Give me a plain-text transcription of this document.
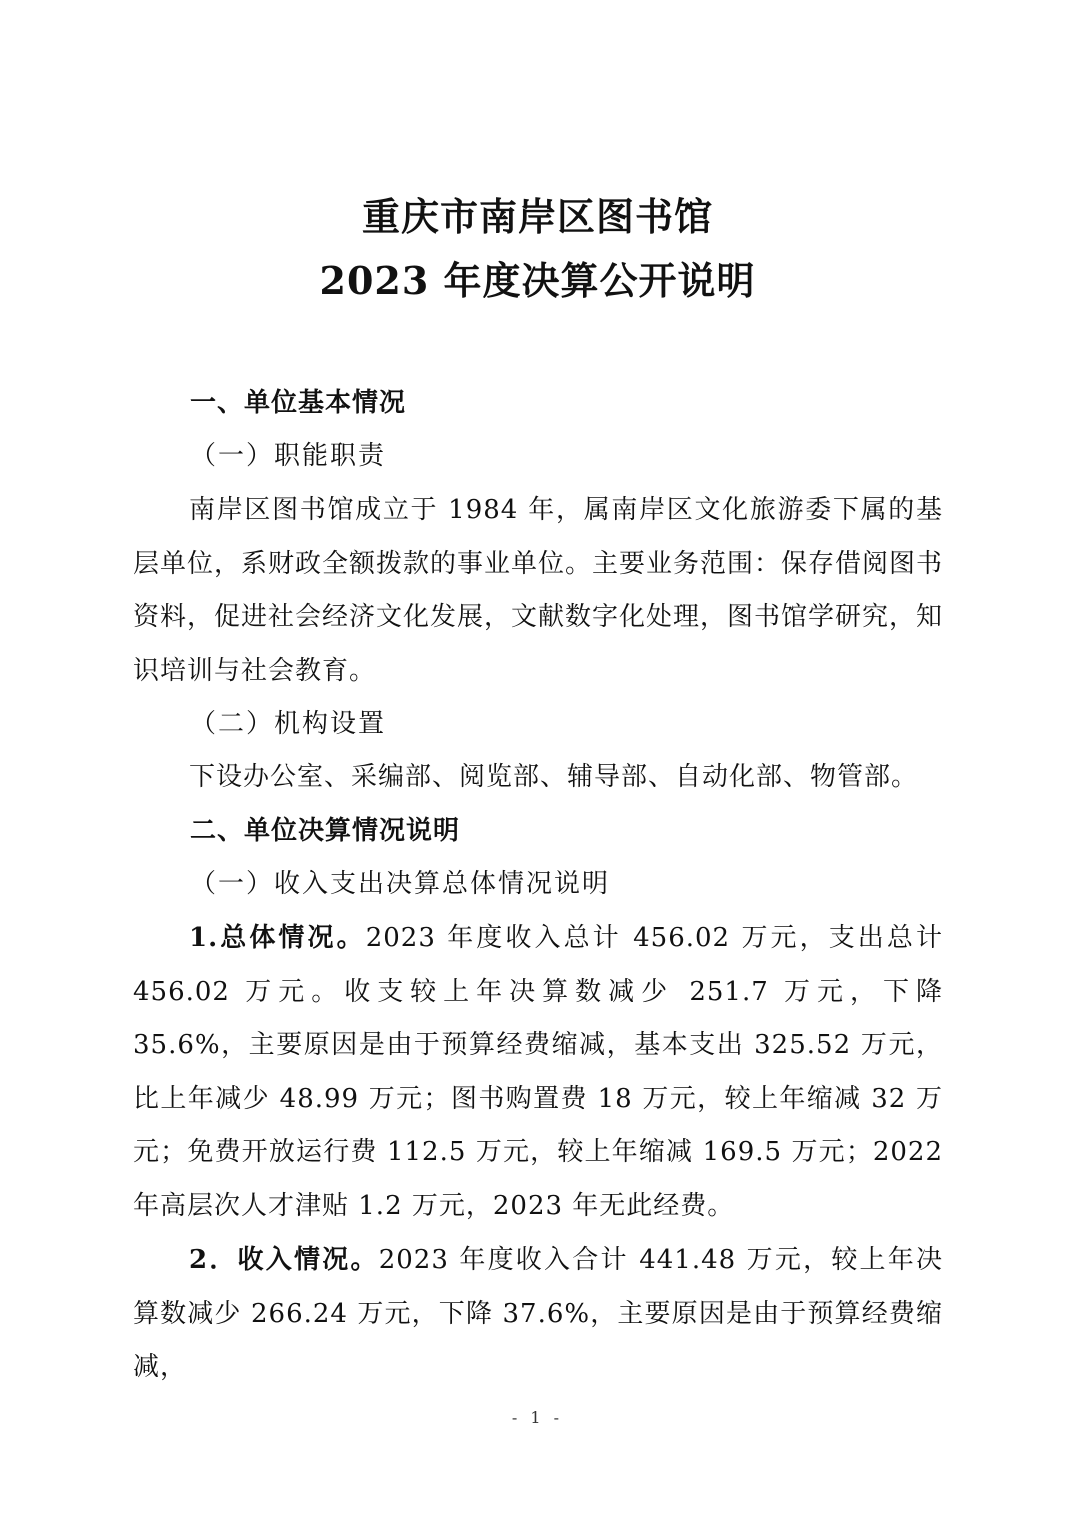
重庆市南岸区图书馆
2023 年度决算公开说明
一、单位基本情况
（一）职能职责
南岸区图书馆成立于 1984 年，属南岸区文化旅游委下属的基层单位，系财政全额拨款的事业单位。主要业务范围：保存借阅图书资料，促进社会经济文化发展，文献数字化处理，图书馆学研究，知识培训与社会教育。
（二）机构设置
下设办公室、采编部、阅览部、辅导部、自动化部、物管部。
二、单位决算情况说明
（一）收入支出决算总体情况说明
1.总体情况。2023 年度收入总计 456.02 万元，支出总计 456.02 万元。收支较上年决算数减少 251.7 万元，下降 35.6%，主要原因是由于预算经费缩减，基本支出 325.52 万元，比上年减少 48.99 万元；图书购置费 18 万元，较上年缩减 32 万元；免费开放运行费 112.5 万元，较上年缩减 169.5 万元；2022 年高层次人才津贴 1.2 万元，2023 年无此经费。
2．收入情况。2023 年度收入合计 441.48 万元，较上年决算数减少 266.24 万元，下降 37.6%，主要原因是由于预算经费缩减，
- 1 -
